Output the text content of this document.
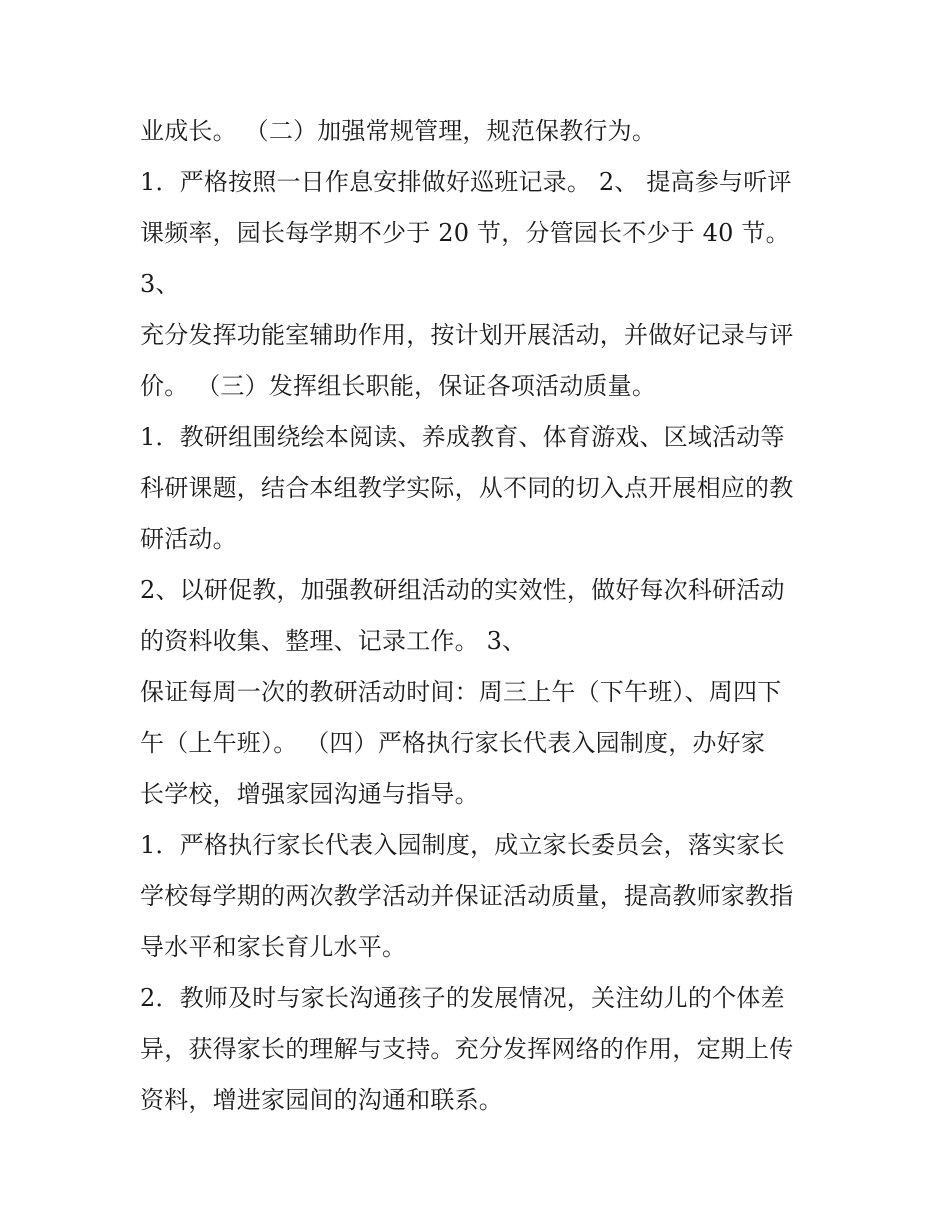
业成长。 （二）加强常规管理，规范保教行为。
1．严格按照一日作息安排做好巡班记录。 2、 提高参与听评
课频率，园长每学期不少于 20 节，分管园长不少于 40 节。
3、
充分发挥功能室辅助作用，按计划开展活动，并做好记录与评
价。 （三）发挥组长职能，保证各项活动质量。
1．教研组围绕绘本阅读、养成教育、体育游戏、区域活动等
科研课题，结合本组教学实际，从不同的切入点开展相应的教
研活动。
2、以研促教，加强教研组活动的实效性，做好每次科研活动
的资料收集、整理、记录工作。 3、
保证每周一次的教研活动时间：周三上午（下午班）、周四下
午（上午班）。 （四）严格执行家长代表入园制度，办好家
长学校，增强家园沟通与指导。
1．严格执行家长代表入园制度，成立家长委员会，落实家长
学校每学期的两次教学活动并保证活动质量，提高教师家教指
导水平和家长育儿水平。
2．教师及时与家长沟通孩子的发展情况，关注幼儿的个体差
异，获得家长的理解与支持。充分发挥网络的作用，定期上传
资料，增进家园间的沟通和联系。
